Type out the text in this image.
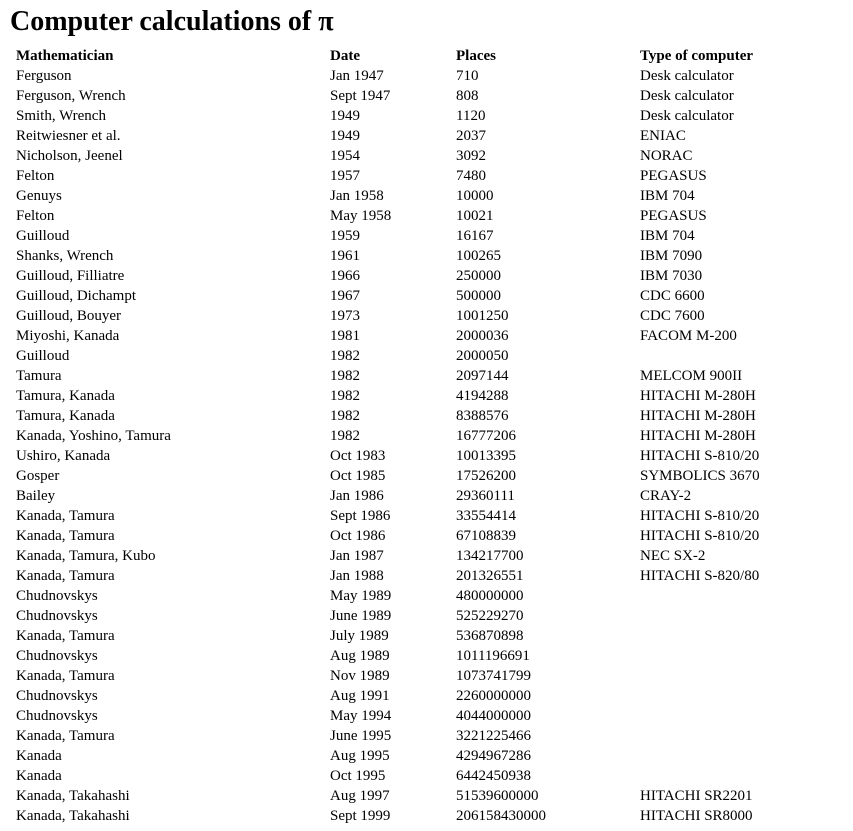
Computer calculations of π
Mathematician	Date	Places	Type of computer
Ferguson	Jan 1947	710	Desk calculator
Ferguson, Wrench	Sept 1947	808	Desk calculator
Smith, Wrench	1949	1120	Desk calculator
Reitwiesner et al.	1949	2037	ENIAC
Nicholson, Jeenel	1954	3092	NORAC
Felton	1957	7480	PEGASUS
Genuys	Jan 1958	10000	IBM 704
Felton	May 1958	10021	PEGASUS
Guilloud	1959	16167	IBM 704
Shanks, Wrench	1961	100265	IBM 7090
Guilloud, Filliatre	1966	250000	IBM 7030
Guilloud, Dichampt	1967	500000	CDC 6600
Guilloud, Bouyer	1973	1001250	CDC 7600
Miyoshi, Kanada	1981	2000036	FACOM M-200
Guilloud	1982	2000050	
Tamura	1982	2097144	MELCOM 900II
Tamura, Kanada	1982	4194288	HITACHI M-280H
Tamura, Kanada	1982	8388576	HITACHI M-280H
Kanada, Yoshino, Tamura	1982	16777206	HITACHI M-280H
Ushiro, Kanada	Oct 1983	10013395	HITACHI S-810/20
Gosper	Oct 1985	17526200	SYMBOLICS 3670
Bailey	Jan 1986	29360111	CRAY-2
Kanada, Tamura	Sept 1986	33554414	HITACHI S-810/20
Kanada, Tamura	Oct 1986	67108839	HITACHI S-810/20
Kanada, Tamura, Kubo	Jan 1987	134217700	NEC SX-2
Kanada, Tamura	Jan 1988	201326551	HITACHI S-820/80
Chudnovskys	May 1989	480000000	
Chudnovskys	June 1989	525229270	
Kanada, Tamura	July 1989	536870898	
Chudnovskys	Aug 1989	1011196691	
Kanada, Tamura	Nov 1989	1073741799	
Chudnovskys	Aug 1991	2260000000	
Chudnovskys	May 1994	4044000000	
Kanada, Tamura	June 1995	3221225466	
Kanada	Aug 1995	4294967286	
Kanada	Oct 1995	6442450938	
Kanada, Takahashi	Aug 1997	51539600000	HITACHI SR2201
Kanada, Takahashi	Sept 1999	206158430000	HITACHI SR8000
